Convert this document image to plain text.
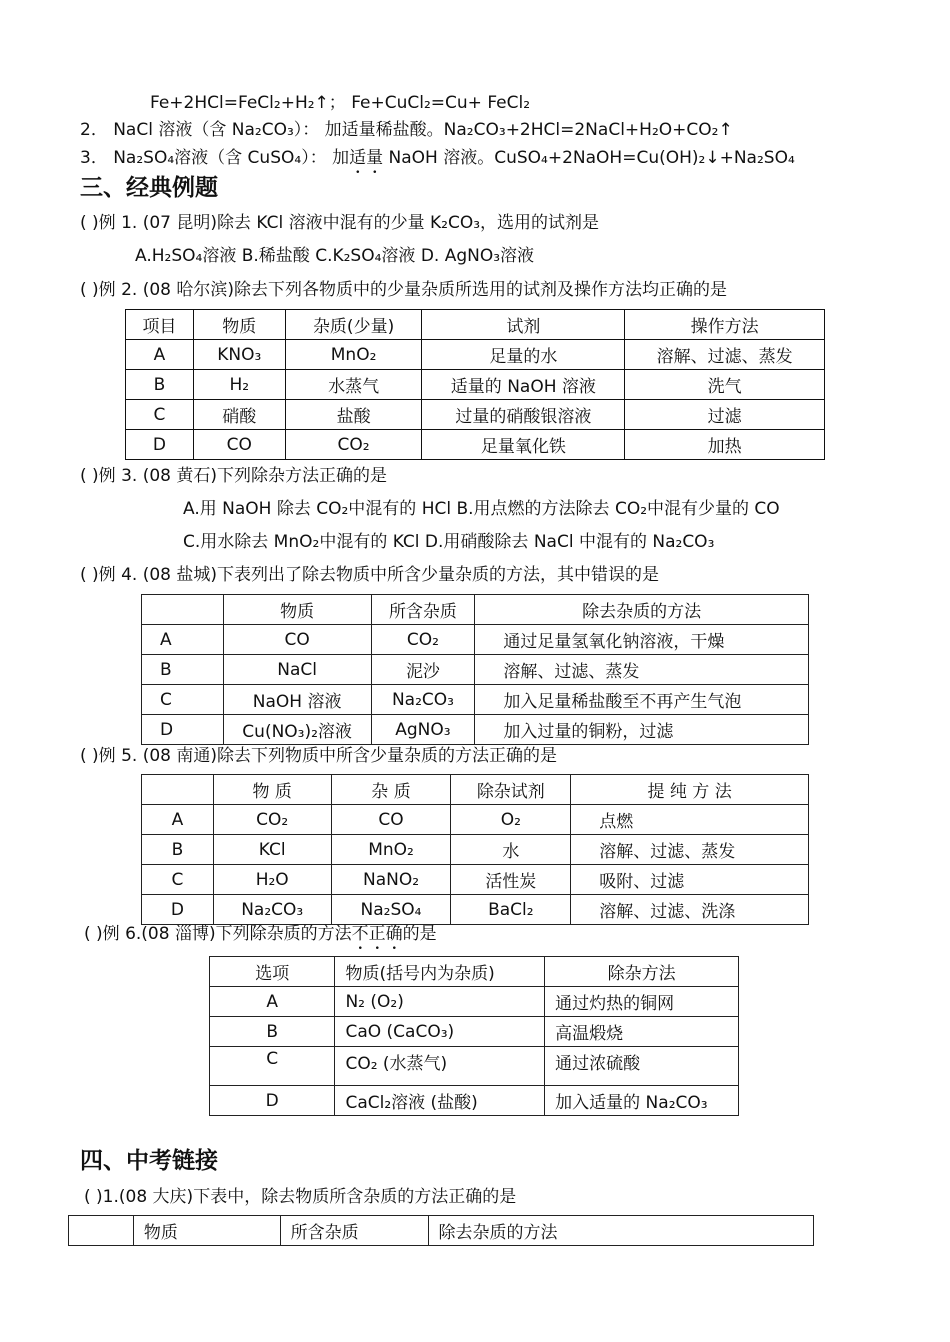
Fe+2HCl=FeCl₂+H₂↑； Fe+CuCl₂=Cu+ FeCl₂
2． NaCl 溶液（含 Na₂CO₃）： 加适量稀盐酸。Na₂CO₃+2HCl=2NaCl+H₂O+CO₂↑
3． Na₂SO₄溶液（含 CuSO₄）： 加适量 NaOH 溶液。CuSO₄+2NaOH=Cu(OH)₂↓+Na₂SO₄
三、经典例题
( )例 1. (07 昆明)除去 KCl 溶液中混有的少量 K₂CO₃，选用的试剂是
A.H₂SO₄溶液 B.稀盐酸 C.K₂SO₄溶液 D. AgNO₃溶液
( )例 2. (08 哈尔滨)除去下列各物质中的少量杂质所选用的试剂及操作方法均正确的是
项目	物质	杂质(少量)	试剂	操作方法
A	KNO₃	MnO₂	足量的水	溶解、过滤、蒸发
B	H₂	水蒸气	适量的 NaOH 溶液	洗气
C	硝酸	盐酸	过量的硝酸银溶液	过滤
D	CO	CO₂	足量氧化铁	加热
( )例 3. (08 黄石)下列除杂方法正确的是
A.用 NaOH 除去 CO₂中混有的 HCl B.用点燃的方法除去 CO₂中混有少量的 CO
C.用水除去 MnO₂中混有的 KCl D.用硝酸除去 NaCl 中混有的 Na₂CO₃
( )例 4. (08 盐城)下表列出了除去物质中所含少量杂质的方法，其中错误的是
	物质	所含杂质	除去杂质的方法
A	CO	CO₂	通过足量氢氧化钠溶液，干燥
B	NaCl	泥沙	溶解、过滤、蒸发
C	NaOH 溶液	Na₂CO₃	加入足量稀盐酸至不再产生气泡
D	Cu(NO₃)₂溶液	AgNO₃	加入过量的铜粉，过滤
( )例 5. (08 南通)除去下列物质中所含少量杂质的方法正确的是
	物 质	杂 质	除杂试剂	提 纯 方 法
A	CO₂	CO	O₂	点燃
B	KCl	MnO₂	水	溶解、过滤、蒸发
C	H₂O	NaNO₂	活性炭	吸附、过滤
D	Na₂CO₃	Na₂SO₄	BaCl₂	溶解、过滤、洗涤
( )例 6.(08 淄博)下列除杂质的方法不正确的是
选项	物质(括号内为杂质)	除杂方法
A	N₂ (O₂)	通过灼热的铜网
B	CaO (CaCO₃)	高温煅烧
C	CO₂ (水蒸气)	通过浓硫酸
D	CaCl₂溶液 (盐酸)	加入适量的 Na₂CO₃
四、中考链接
( )1.(08 大庆)下表中，除去物质所含杂质的方法正确的是
	物质	所含杂质	除去杂质的方法
